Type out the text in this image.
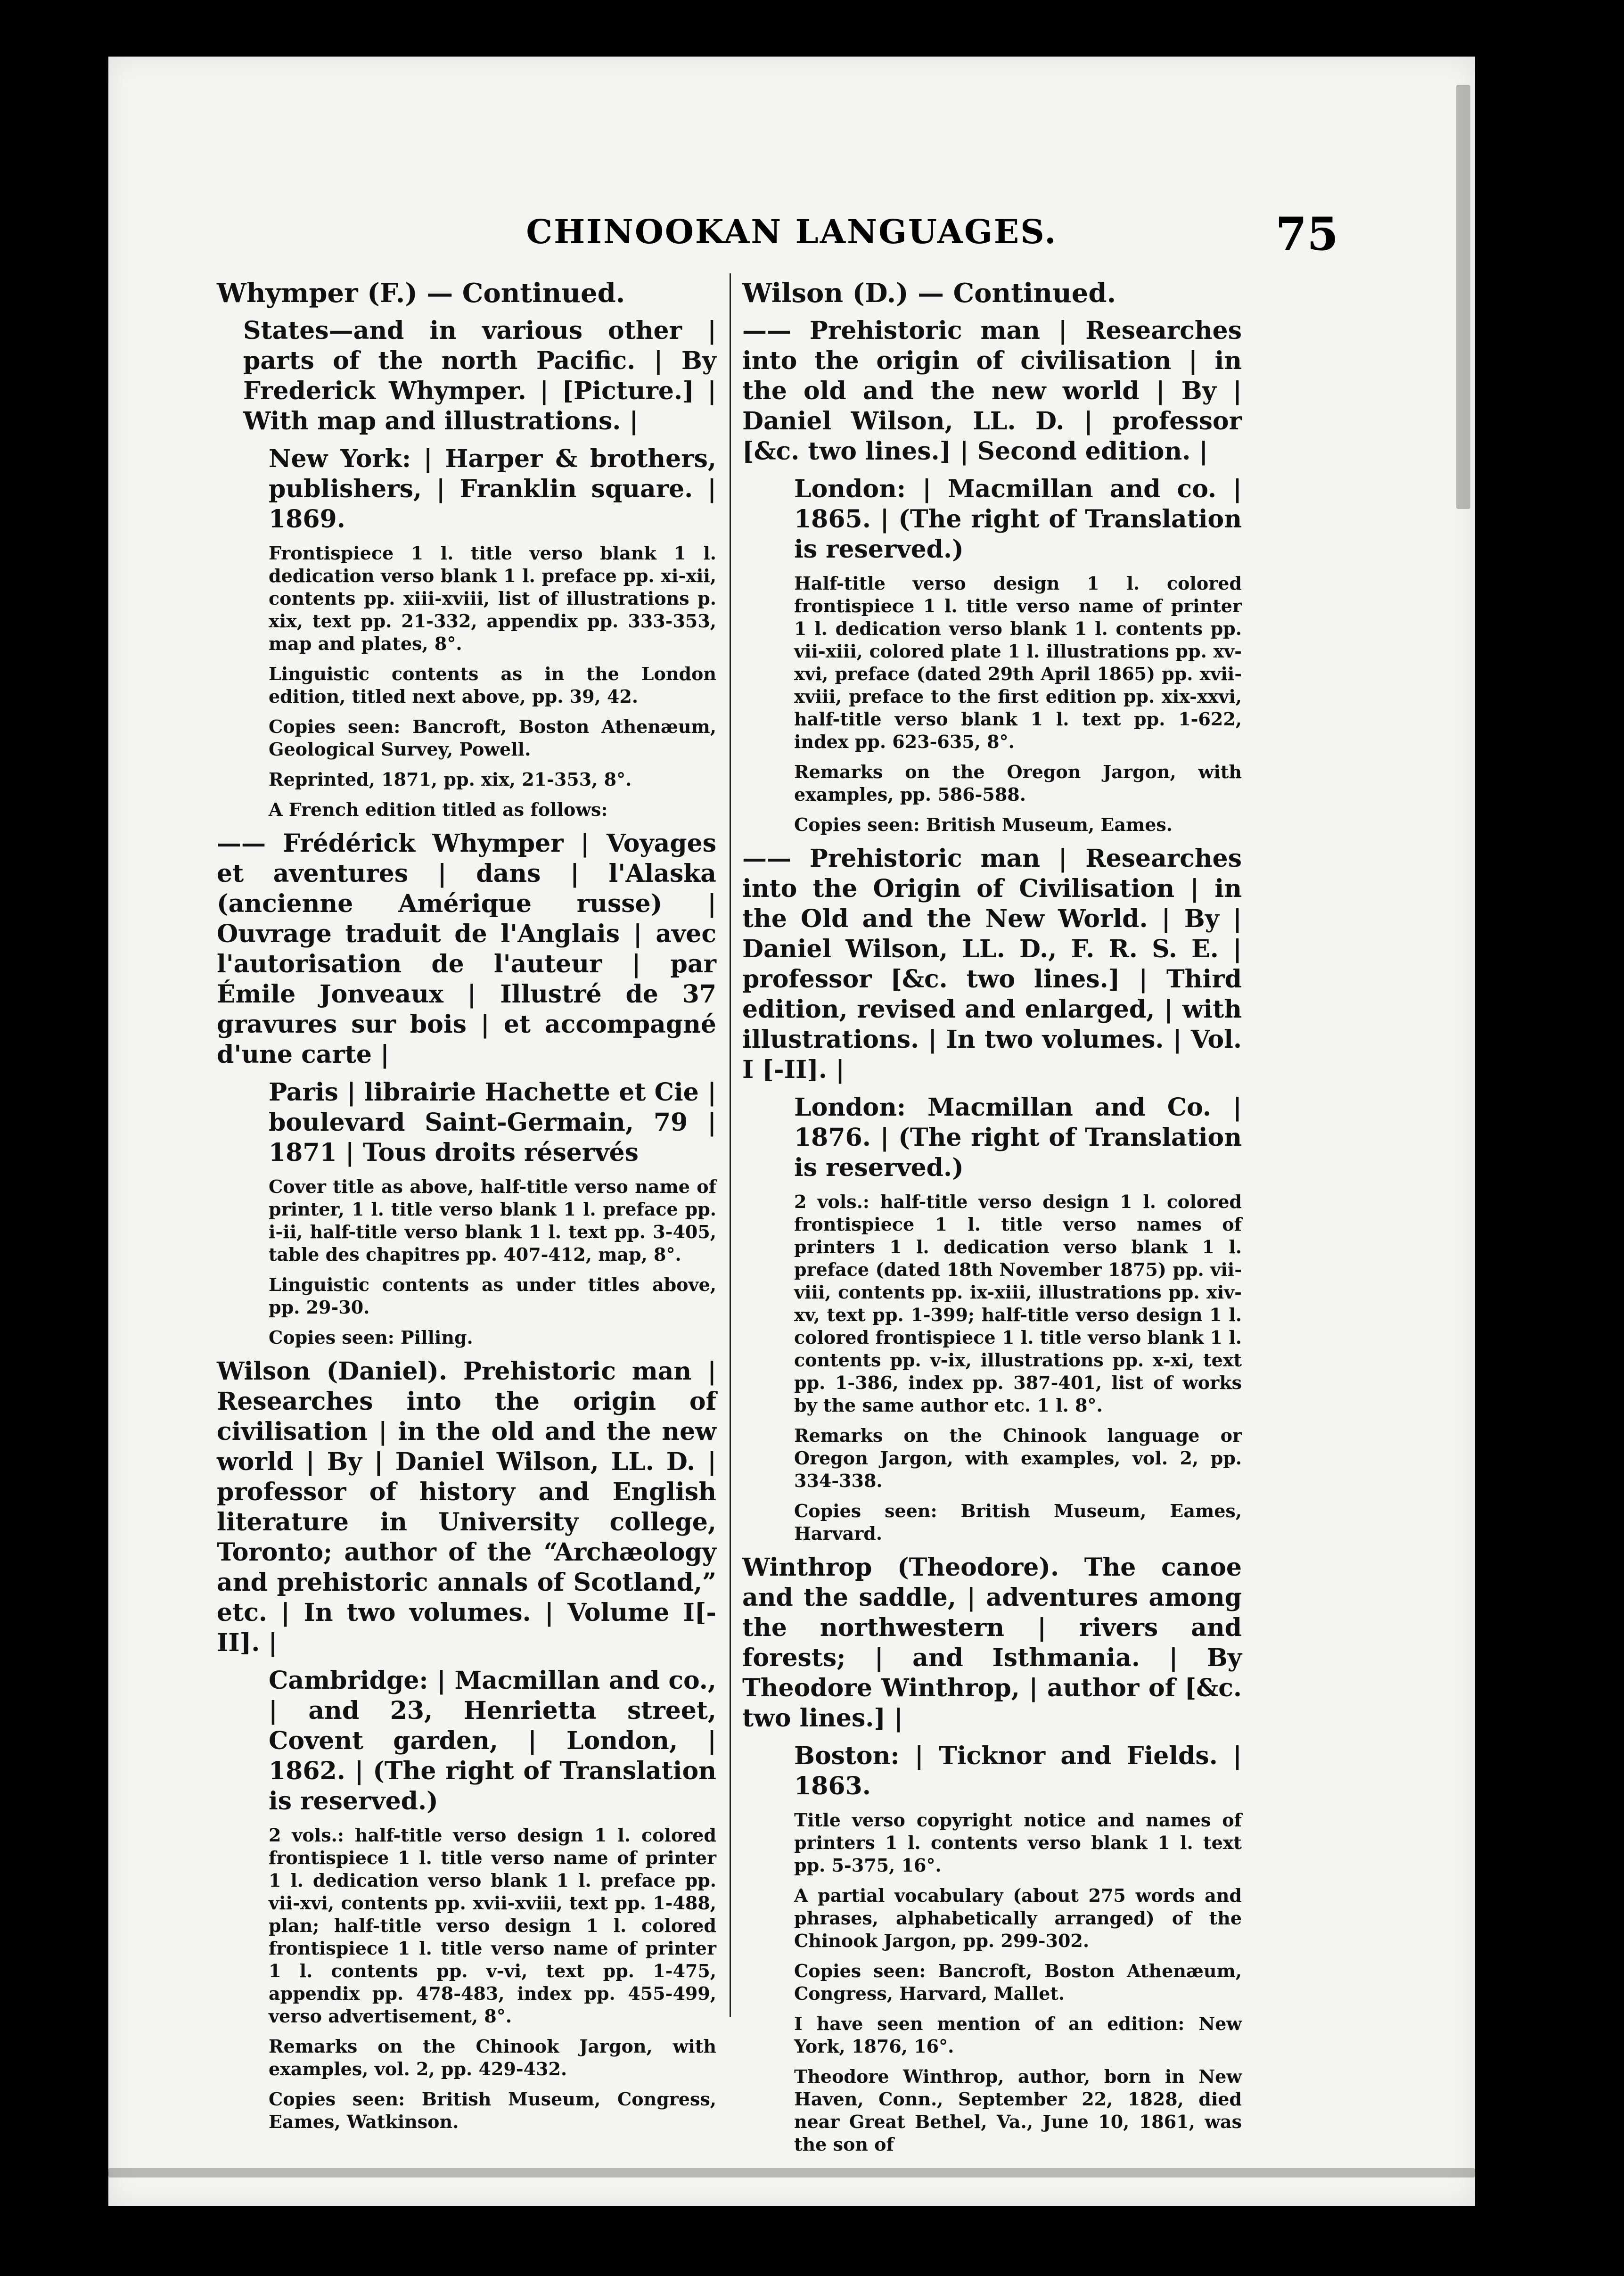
CHINOOKAN LANGUAGES.	75
Whymper (F.) — Continued.
States—and in various other | parts of the north Pacific. | By Frederick Whymper. | [Picture.] | With map and illustrations. |
New York: | Harper & brothers, publishers, | Franklin square. | 1869.
Frontispiece 1 l. title verso blank 1 l. dedication verso blank 1 l. preface pp. xi-xii, contents pp. xiii-xviii, list of illustrations p. xix, text pp. 21-332, appendix pp. 333-353, map and plates, 8°.
Linguistic contents as in the London edition, titled next above, pp. 39, 42.
Copies seen: Bancroft, Boston Athenæum, Geological Survey, Powell.
Reprinted, 1871, pp. xix, 21-353, 8°.
A French edition titled as follows:
—— Frédérick Whymper | Voyages et aventures | dans | l'Alaska (ancienne Amérique russe) | Ouvrage traduit de l'Anglais | avec l'autorisation de l'auteur | par Émile Jonveaux | Illustré de 37 gravures sur bois | et accompagné d'une carte |
Paris | librairie Hachette et Cie | boulevard Saint-Germain, 79 | 1871 | Tous droits réservés
Cover title as above, half-title verso name of printer, 1 l. title verso blank 1 l. preface pp. i-ii, half-title verso blank 1 l. text pp. 3-405, table des chapitres pp. 407-412, map, 8°.
Linguistic contents as under titles above, pp. 29-30.
Copies seen: Pilling.
Wilson (Daniel). Prehistoric man | Researches into the origin of civilisation | in the old and the new world | By | Daniel Wilson, LL. D. | professor of history and English literature in University college, Toronto; author of the “Archæology and prehistoric annals of Scotland,” etc. | In two volumes. | Volume I[-II]. |
Cambridge: | Macmillan and co., | and 23, Henrietta street, Covent garden, | London, | 1862. | (The right of Translation is reserved.)
2 vols.: half-title verso design 1 l. colored frontispiece 1 l. title verso name of printer 1 l. dedication verso blank 1 l. preface pp. vii-xvi, contents pp. xvii-xviii, text pp. 1-488, plan; half-title verso design 1 l. colored frontispiece 1 l. title verso name of printer 1 l. contents pp. v-vi, text pp. 1-475, appendix pp. 478-483, index pp. 455-499, verso advertisement, 8°.
Remarks on the Chinook Jargon, with examples, vol. 2, pp. 429-432.
Copies seen: British Museum, Congress, Eames, Watkinson.
Wilson (D.) — Continued.
—— Prehistoric man | Researches into the origin of civilisation | in the old and the new world | By | Daniel Wilson, LL. D. | professor [&c. two lines.] | Second edition. |
London: | Macmillan and co. | 1865. | (The right of Translation is reserved.)
Half-title verso design 1 l. colored frontispiece 1 l. title verso name of printer 1 l. dedication verso blank 1 l. contents pp. vii-xiii, colored plate 1 l. illustrations pp. xv-xvi, preface (dated 29th April 1865) pp. xvii-xviii, preface to the first edition pp. xix-xxvi, half-title verso blank 1 l. text pp. 1-622, index pp. 623-635, 8°.
Remarks on the Oregon Jargon, with examples, pp. 586-588.
Copies seen: British Museum, Eames.
—— Prehistoric man | Researches into the Origin of Civilisation | in the Old and the New World. | By | Daniel Wilson, LL. D., F. R. S. E. | professor [&c. two lines.] | Third edition, revised and enlarged, | with illustrations. | In two volumes. | Vol. I [-II]. |
London: Macmillan and Co. | 1876. | (The right of Translation is reserved.)
2 vols.: half-title verso design 1 l. colored frontispiece 1 l. title verso names of printers 1 l. dedication verso blank 1 l. preface (dated 18th November 1875) pp. vii-viii, contents pp. ix-xiii, illustrations pp. xiv-xv, text pp. 1-399; half-title verso design 1 l. colored frontispiece 1 l. title verso blank 1 l. contents pp. v-ix, illustrations pp. x-xi, text pp. 1-386, index pp. 387-401, list of works by the same author etc. 1 l. 8°.
Remarks on the Chinook language or Oregon Jargon, with examples, vol. 2, pp. 334-338.
Copies seen: British Museum, Eames, Harvard.
Winthrop (Theodore). The canoe and the saddle, | adventures among the northwestern | rivers and forests; | and Isthmania. | By Theodore Winthrop, | author of [&c. two lines.] |
Boston: | Ticknor and Fields. | 1863.
Title verso copyright notice and names of printers 1 l. contents verso blank 1 l. text pp. 5-375, 16°.
A partial vocabulary (about 275 words and phrases, alphabetically arranged) of the Chinook Jargon, pp. 299-302.
Copies seen: Bancroft, Boston Athenæum, Congress, Harvard, Mallet.
I have seen mention of an edition: New York, 1876, 16°.
Theodore Winthrop, author, born in New Haven, Conn., September 22, 1828, died near Great Bethel, Va., June 10, 1861, was the son of
